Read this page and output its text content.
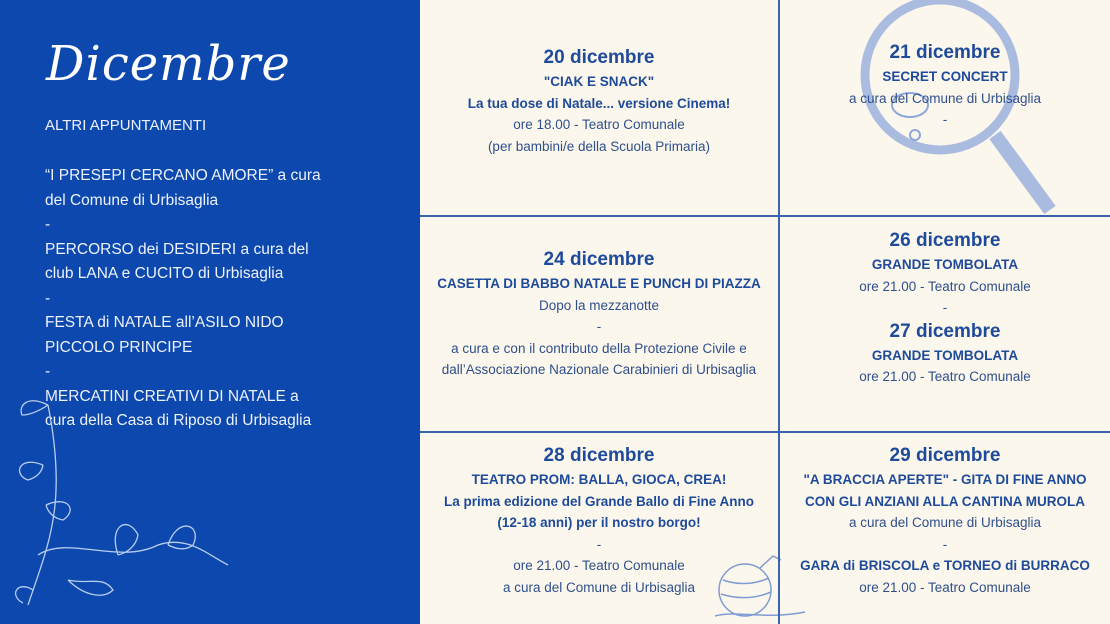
Dicembre
ALTRI APPUNTAMENTI
“I PRESEPI CERCANO AMORE” a cura
del Comune di Urbisaglia
-
PERCORSO dei DESIDERI a cura del
club LANA e CUCITO di Urbisaglia
-
FESTA di NATALE all’ASILO NIDO
PICCOLO PRINCIPE
-
MERCATINI CREATIVI DI NATALE a
cura della Casa di Riposo di Urbisaglia
20 dicembre
"CIAK E SNACK"
La tua dose di Natale... versione Cinema!
ore 18.00 - Teatro Comunale
(per bambini/e della Scuola Primaria)
21 dicembre
SECRET CONCERT
a cura del Comune di Urbisaglia
-
24 dicembre
CASETTA DI BABBO NATALE E PUNCH DI PIAZZA
Dopo la mezzanotte
-
a cura e con il contributo della Protezione Civile e
dall’Associazione Nazionale Carabinieri di Urbisaglia
26 dicembre
GRANDE TOMBOLATA
ore 21.00 - Teatro Comunale
-
27 dicembre
GRANDE TOMBOLATA
ore 21.00 - Teatro Comunale
28 dicembre
TEATRO PROM: BALLA, GIOCA, CREA!
La prima edizione del Grande Ballo di Fine Anno
(12-18 anni) per il nostro borgo!
-
ore 21.00 - Teatro Comunale
a cura del Comune di Urbisaglia
29 dicembre
"A BRACCIA APERTE" - GITA DI FINE ANNO
CON GLI ANZIANI ALLA CANTINA MUROLA
a cura del Comune di Urbisaglia
-
GARA di BRISCOLA e TORNEO di BURRACO
ore 21.00 - Teatro Comunale
